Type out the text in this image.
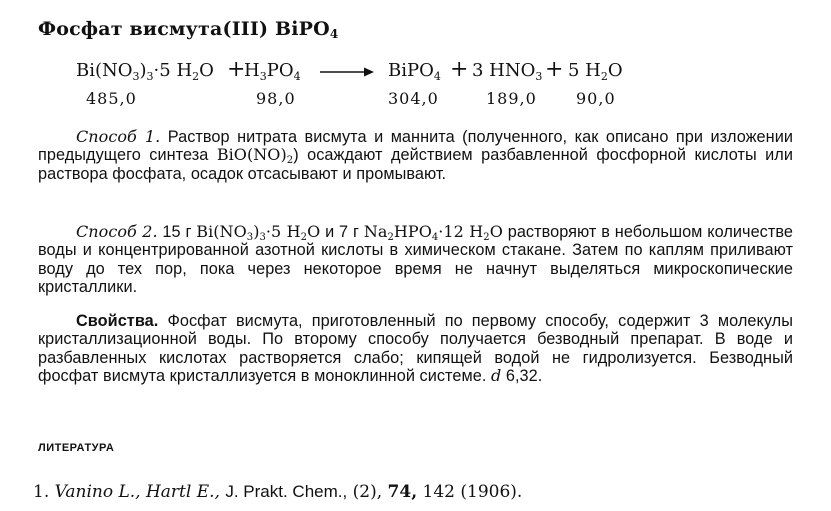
Фосфат висмута(III) BiPO$_4$
$Bi(NO_3)_3\cdot 5$ $H_2O$ +
$H_3PO_4$ → BiPO$_4$ + 3 $HNO_3 + 5$ $H_2O$
485,0	98,0	304,0	189,0 90,0
Способ 1. Раствор нитрата висмута и маннита (полученного, как описано при изложении предыдущего синтеза $BiO(NO)_2$) осаждают действием разбавленной фосфорной кислоты или раствора фосфата, осадок отсасывают и промывают.
Способ 2. 15 г $Bi(NO_3)_3\cdot 5$ $H_2O$ и 7 г $Na_2HPO_4\cdot 12$ $H_2O$ растворяют в небольшом количестве воды и концентрированной азотной кислоты в химическом стакане. Затем по каплям приливают воду до тех пор, пока через некоторое время не начнут выделяться микроскопические кристаллики.
Свойства. Фосфат висмута, приготовленный по первому способу, содержит 3 молекулы кристаллизационной воды. По второму способу получается безводный препарат. В воде и разбавленных кислотах растворяется слабо; кипящей водой не гидролизуется. Безводный фосфат висмута кристаллизуется в моноклинной системе. d 6,32.
ЛИТЕРАТУРА
1. Vanino L., Hartl E., J. Prakt. Chem., (2), 74, 142 (1906).
